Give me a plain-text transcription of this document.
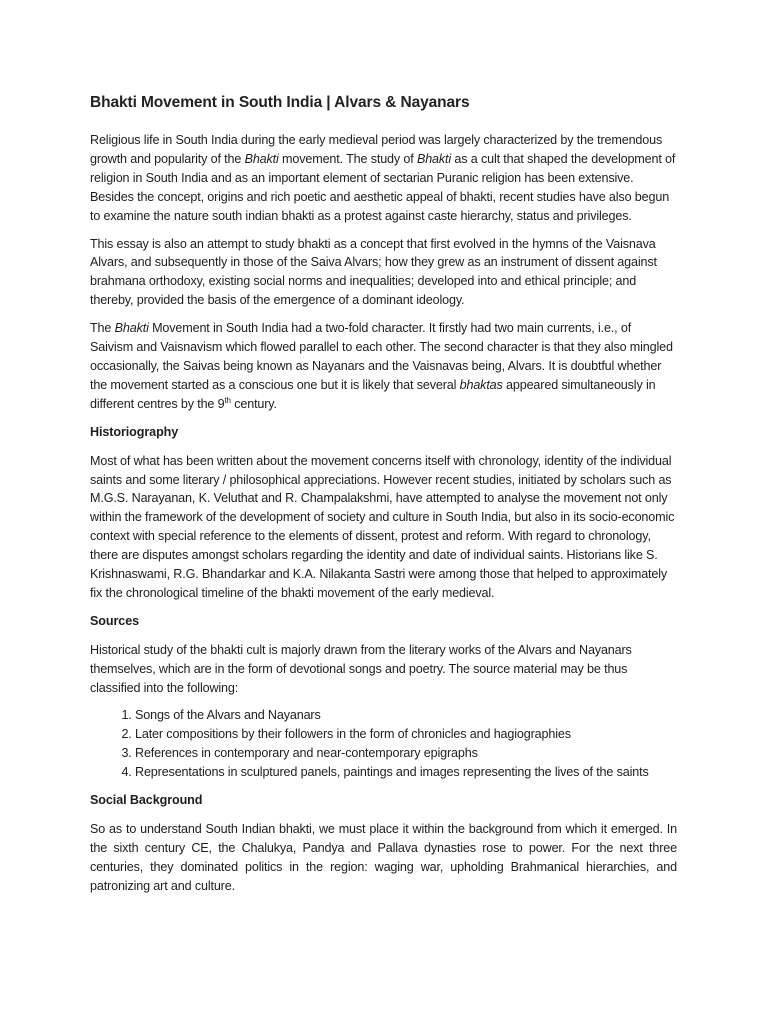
Bhakti Movement in South India | Alvars & Nayanars

Religious life in South India during the early medieval period was largely characterized by the tremendous growth and popularity of the Bhakti movement. The study of Bhakti as a cult that shaped the development of religion in South India and as an important element of sectarian Puranic religion has been extensive. Besides the concept, origins and rich poetic and aesthetic appeal of bhakti, recent studies have also begun to examine the nature south indian bhakti as a protest against caste hierarchy, status and privileges.

This essay is also an attempt to study bhakti as a concept that first evolved in the hymns of the Vaisnava Alvars, and subsequently in those of the Saiva Alvars; how they grew as an instrument of dissent against brahmana orthodoxy, existing social norms and inequalities; developed into and ethical principle; and thereby, provided the basis of the emergence of a dominant ideology.

The Bhakti Movement in South India had a two-fold character. It firstly had two main currents, i.e., of Saivism and Vaisnavism which flowed parallel to each other. The second character is that they also mingled occasionally, the Saivas being known as Nayanars and the Vaisnavas being, Alvars. It is doubtful whether the movement started as a conscious one but it is likely that several bhaktas appeared simultaneously in different centres by the 9th century.

Historiography

Most of what has been written about the movement concerns itself with chronology, identity of the individual saints and some literary / philosophical appreciations. However recent studies, initiated by scholars such as M.G.S. Narayanan, K. Veluthat and R. Champalakshmi, have attempted to analyse the movement not only within the framework of the development of society and culture in South India, but also in its socio-economic context with special reference to the elements of dissent, protest and reform. With regard to chronology, there are disputes amongst scholars regarding the identity and date of individual saints. Historians like S. Krishnaswami, R.G. Bhandarkar and K.A. Nilakanta Sastri were among those that helped to approximately fix the chronological timeline of the bhakti movement of the early medieval.

Sources

Historical study of the bhakti cult is majorly drawn from the literary works of the Alvars and Nayanars themselves, which are in the form of devotional songs and poetry. The source material may be thus classified into the following:

1. Songs of the Alvars and Nayanars
2. Later compositions by their followers in the form of chronicles and hagiographies
3. References in contemporary and near-contemporary epigraphs
4. Representations in sculptured panels, paintings and images representing the lives of the saints
Social Background

So as to understand South Indian bhakti, we must place it within the background from which it emerged. In the sixth century CE, the Chalukya, Pandya and Pallava dynasties rose to power. For the next three centuries, they dominated politics in the region: waging war, upholding Brahmanical hierarchies, and patronizing art and culture.
